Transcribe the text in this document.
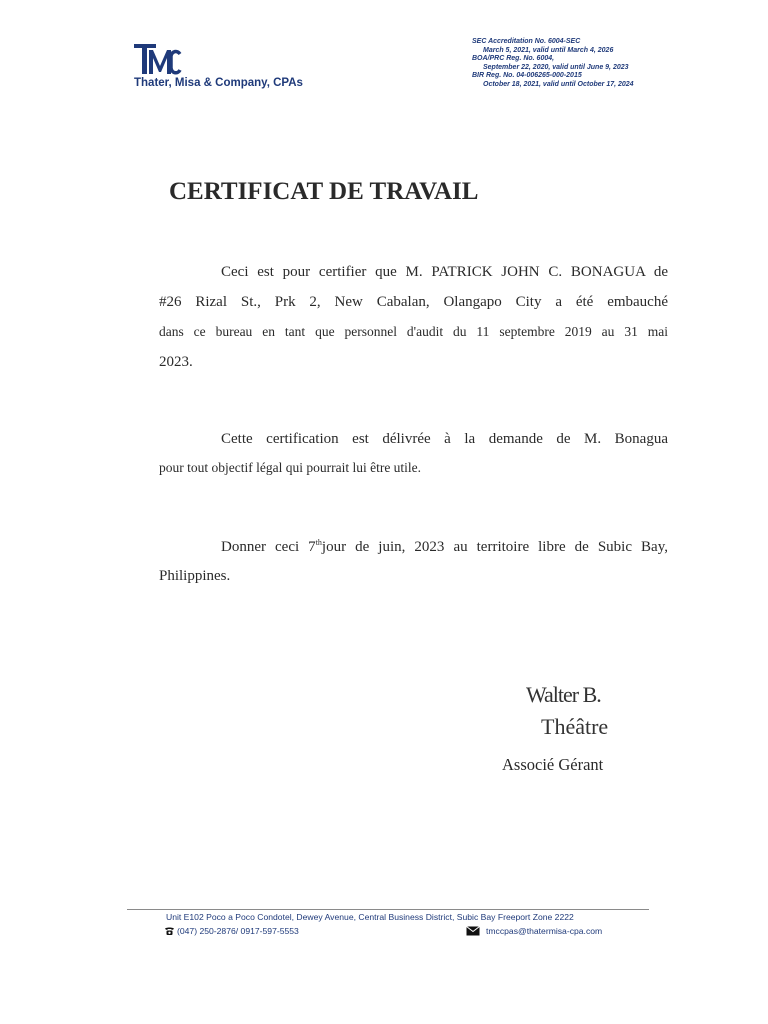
Thater, Misa & Company, CPAs
SEC Accreditation No. 6004-SEC
March 5, 2021, valid until March 4, 2026
BOA/PRC Reg. No. 6004,
September 22, 2020, valid until June 9, 2023
BIR Reg. No. 04-006265-000-2015
October 18, 2021, valid until October 17, 2024
CERTIFICAT DE TRAVAIL
Ceci est pour certifier que M. PATRICK JOHN C. BONAGUA de
#26 Rizal St., Prk 2, New Cabalan, Olangapo City a été embauché
dans ce bureau en tant que personnel d'audit du 11 septembre 2019 au 31 mai
2023.
Cette certification est délivrée à la demande de M. Bonagua
pour tout objectif légal qui pourrait lui être utile.
Donner ceci 7thjour de juin, 2023 au territoire libre de Subic Bay,
Philippines.
Walter B.
Théâtre
Associé Gérant
Unit E102 Poco a Poco Condotel, Dewey Avenue, Central Business District, Subic Bay Freeport Zone 2222
(047) 250-2876/ 0917-597-5553	tmccpas@thatermisa-cpa.com
